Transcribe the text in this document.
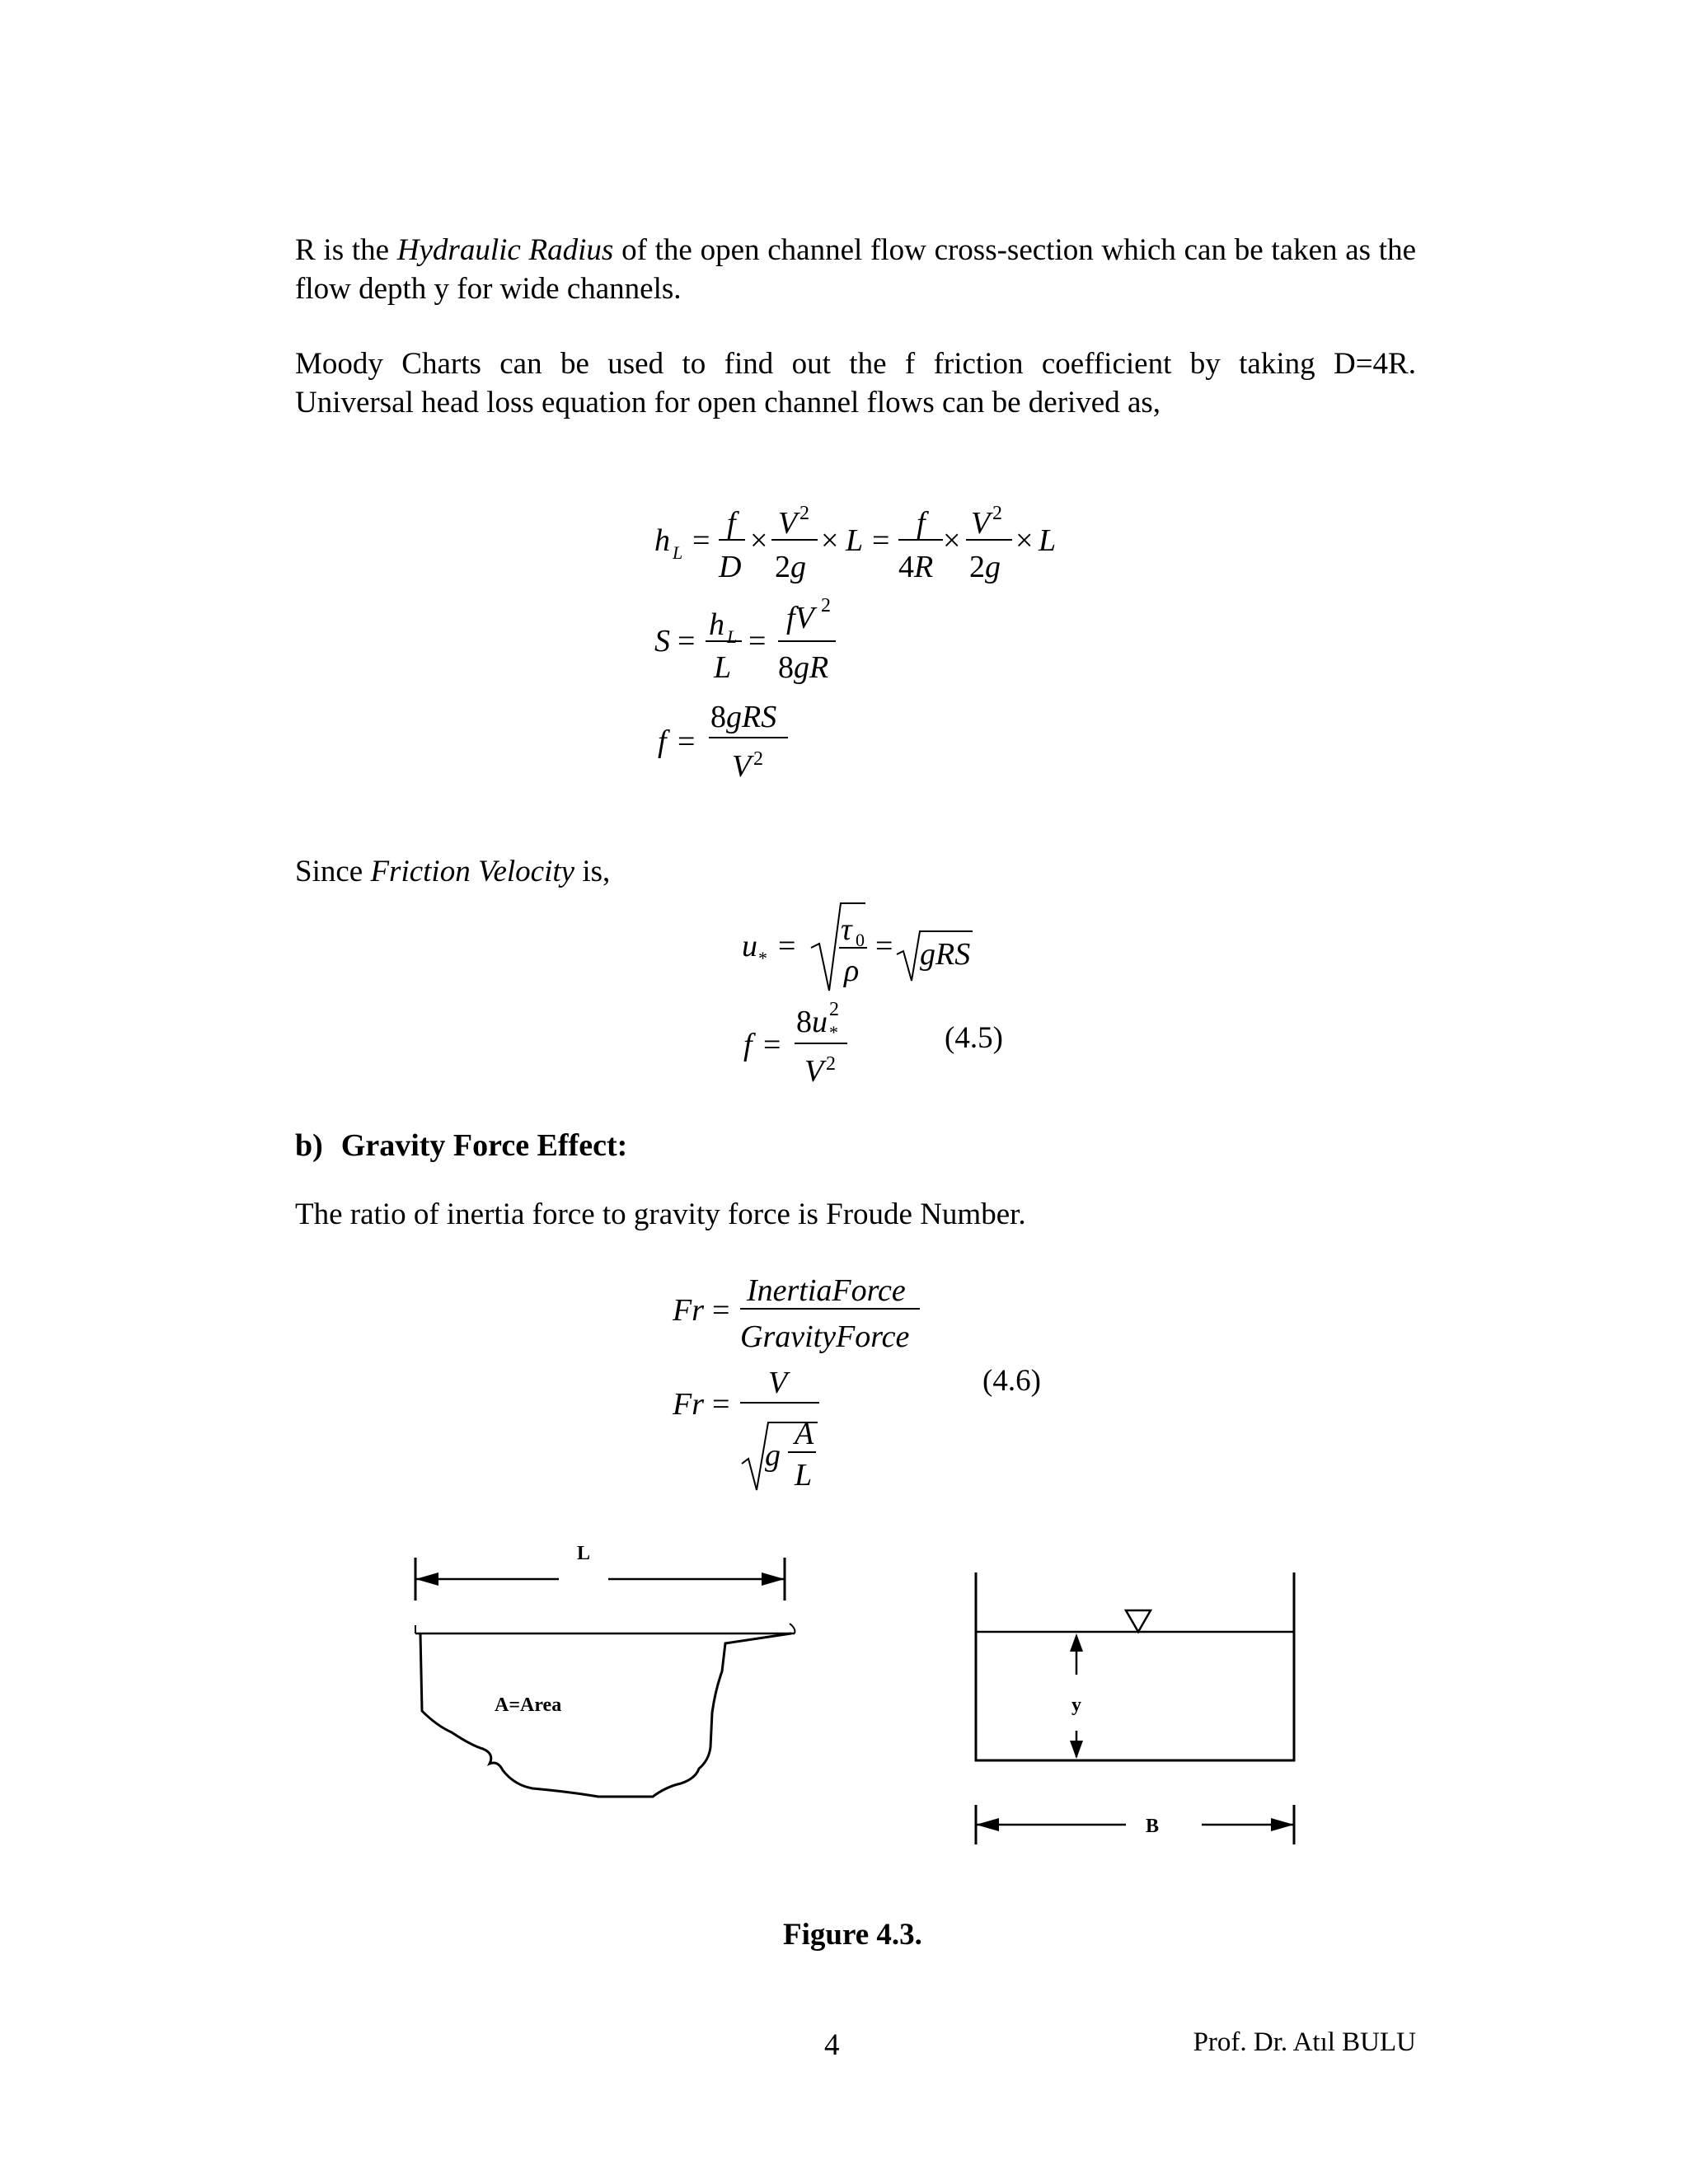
R is the Hydraulic Radius of the open channel flow cross-section which can be taken as the flow depth y for wide channels.
Moody Charts can be used to find out the f friction coefficient by taking D=4R.
Universal head loss equation for open channel flows can be derived as,
h L = f
D
× V 2
2g
× L = f
4R
× V 2
2g
× L
S = h L
L
=
fV 2
8gR
f =
8gRS
V 2
Since Friction Velocity is,
u * = τ 0
ρ
= gRS
f =
8u 2
*
V 2
(4.5)
b) Gravity Force Effect:
The ratio of inertia force to gravity force is Froude Number.
Fr =
InertiaForce
GravityForce
Fr =
V
g
A
L
(4.6)
L
A=Area	y
B
Figure 4.3.
4	Prof. Dr. Atıl BULU
